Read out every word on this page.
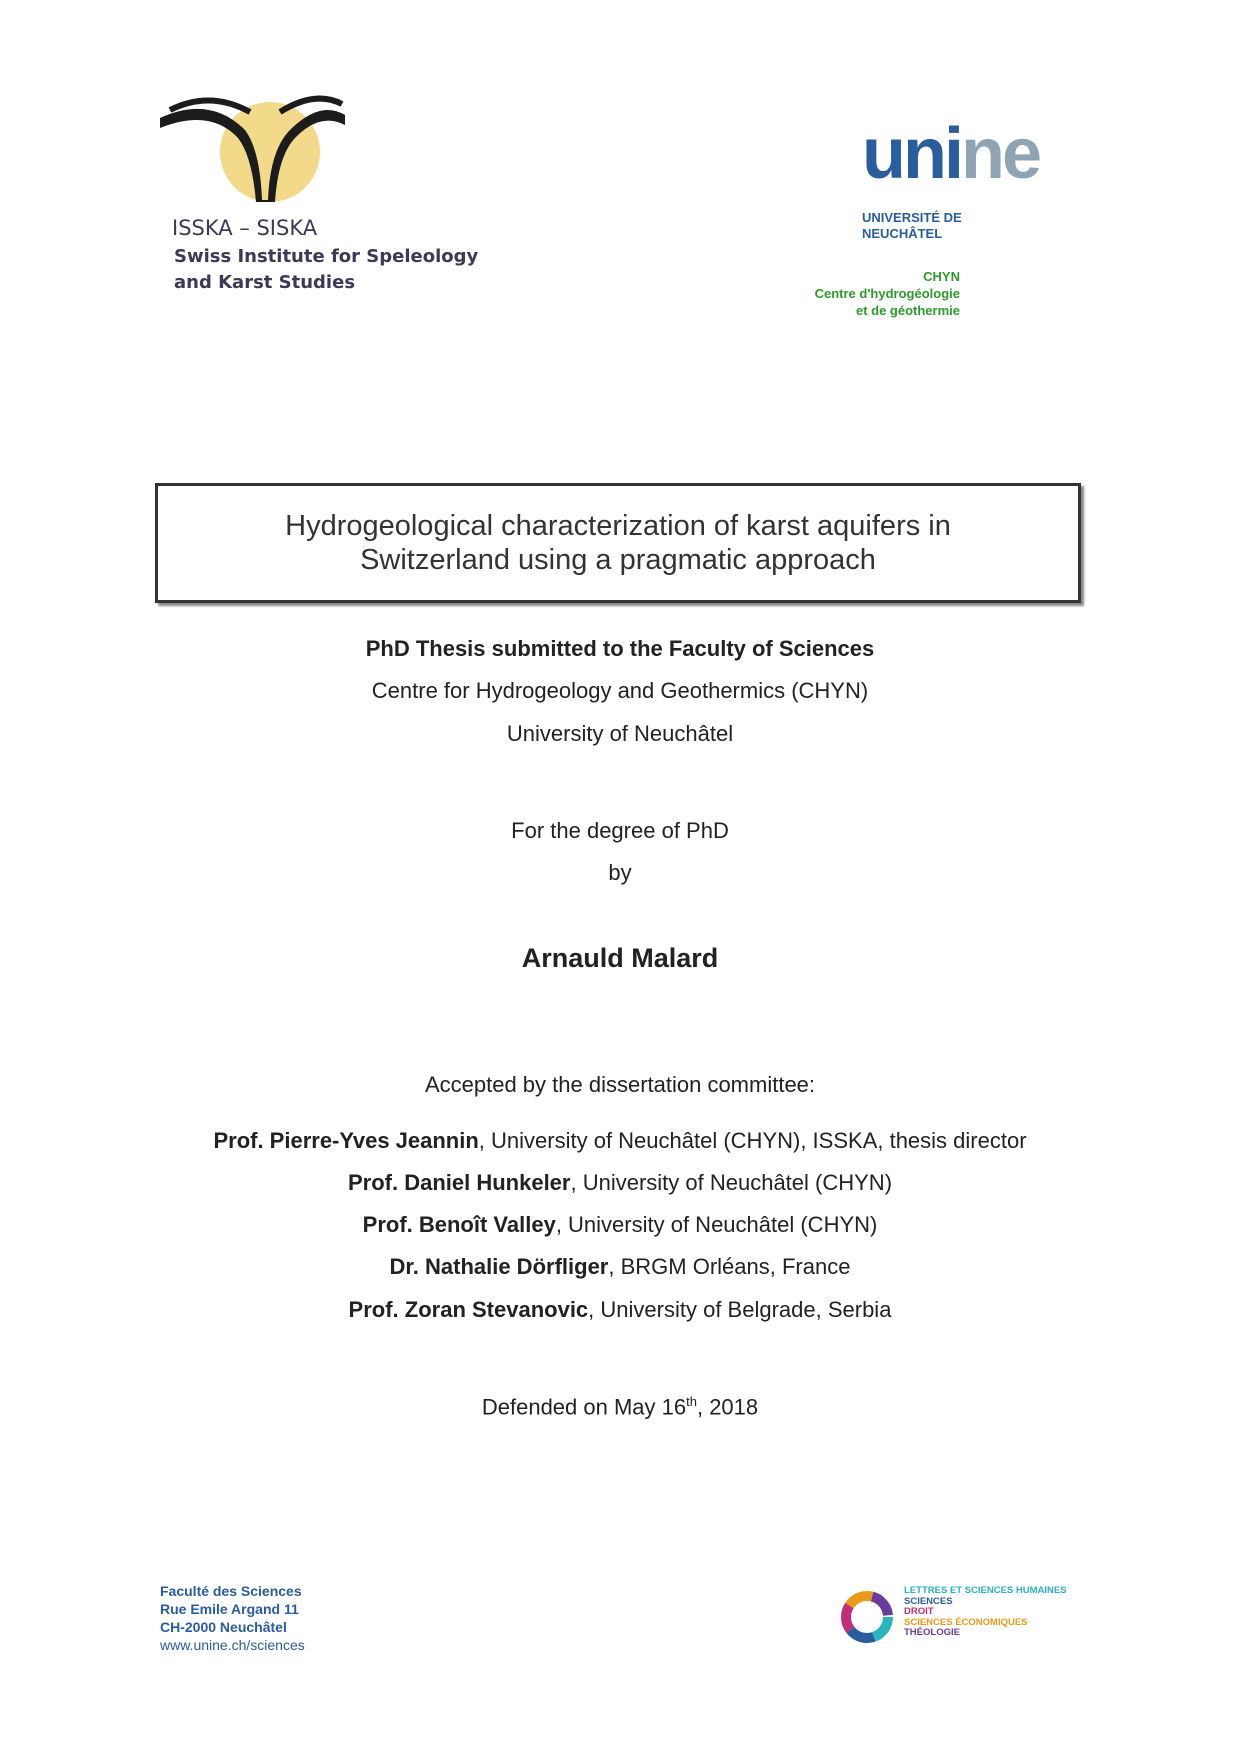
ISSKA – SISKA
Swiss Institute for Speleology
and Karst Studies
unine
UNIVERSITÉ DE
NEUCHÂTEL
CHYN
Centre d'hydrogéologie
et de géothermie
Hydrogeological characterization of karst aquifers in
Switzerland using a pragmatic approach
PhD Thesis submitted to the Faculty of Sciences
Centre for Hydrogeology and Geothermics (CHYN)
University of Neuchâtel
For the degree of PhD
by
Arnauld Malard
Accepted by the dissertation committee:
Prof. Pierre-Yves Jeannin, University of Neuchâtel (CHYN), ISSKA, thesis director
Prof. Daniel Hunkeler, University of Neuchâtel (CHYN)
Prof. Benoît Valley, University of Neuchâtel (CHYN)
Dr. Nathalie Dörfliger, BRGM Orléans, France
Prof. Zoran Stevanovic, University of Belgrade, Serbia
Defended on May 16th, 2018
Faculté des Sciences
Rue Emile Argand 11
CH-2000 Neuchâtel
www.unine.ch/sciences
LETTRES ET SCIENCES HUMAINES
SCIENCES
DROIT
SCIENCES ÉCONOMIQUES
THÉOLOGIE
